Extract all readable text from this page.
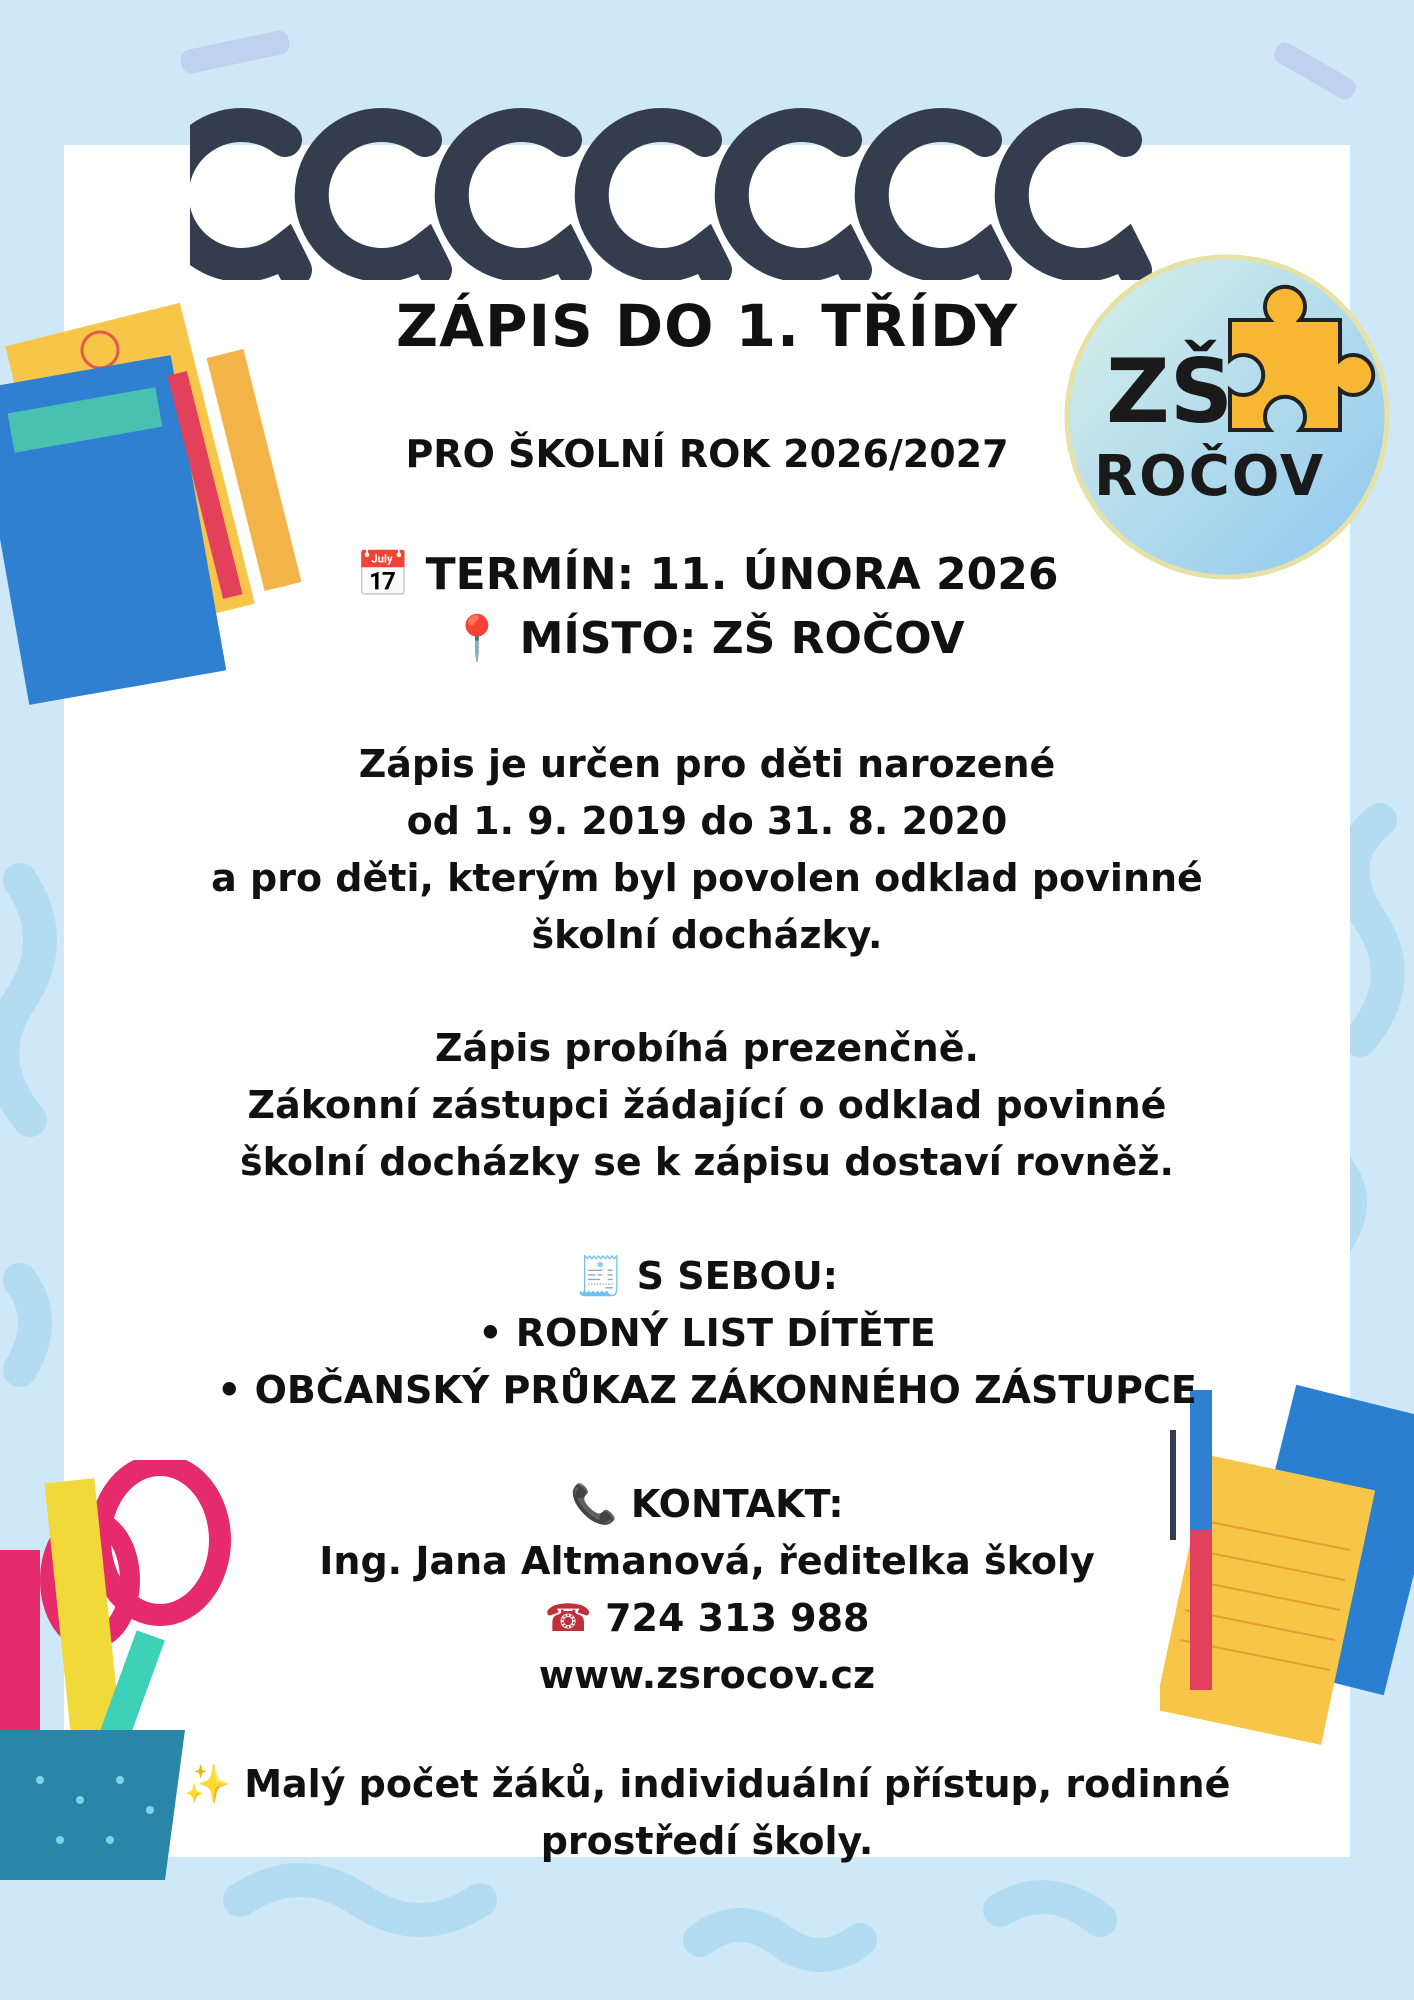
ZŠ
ROČOV
ZÁPIS DO 1. TŘÍDY
PRO ŠKOLNÍ ROK 2026/2027
📅 TERMÍN: 11. ÚNORA 2026
📍 MÍSTO: ZŠ ROČOV
Zápis je určen pro děti narozené
od 1. 9. 2019 do 31. 8. 2020
a pro děti, kterým byl povolen odklad povinné
školní docházky.
Zápis probíhá prezenčně.
Zákonní zástupci žádající o odklad povinné
školní docházky se k zápisu dostaví rovněž.
🧾 S SEBOU:
• RODNÝ LIST DÍTĚTE
• OBČANSKÝ PRŮKAZ ZÁKONNÉHO ZÁSTUPCE
📞 KONTAKT:
Ing. Jana Altmanová, ředitelka školy
☎ 724 313 988
www.zsrocov.cz
✨ Malý počet žáků, individuální přístup, rodinné
prostředí školy.
